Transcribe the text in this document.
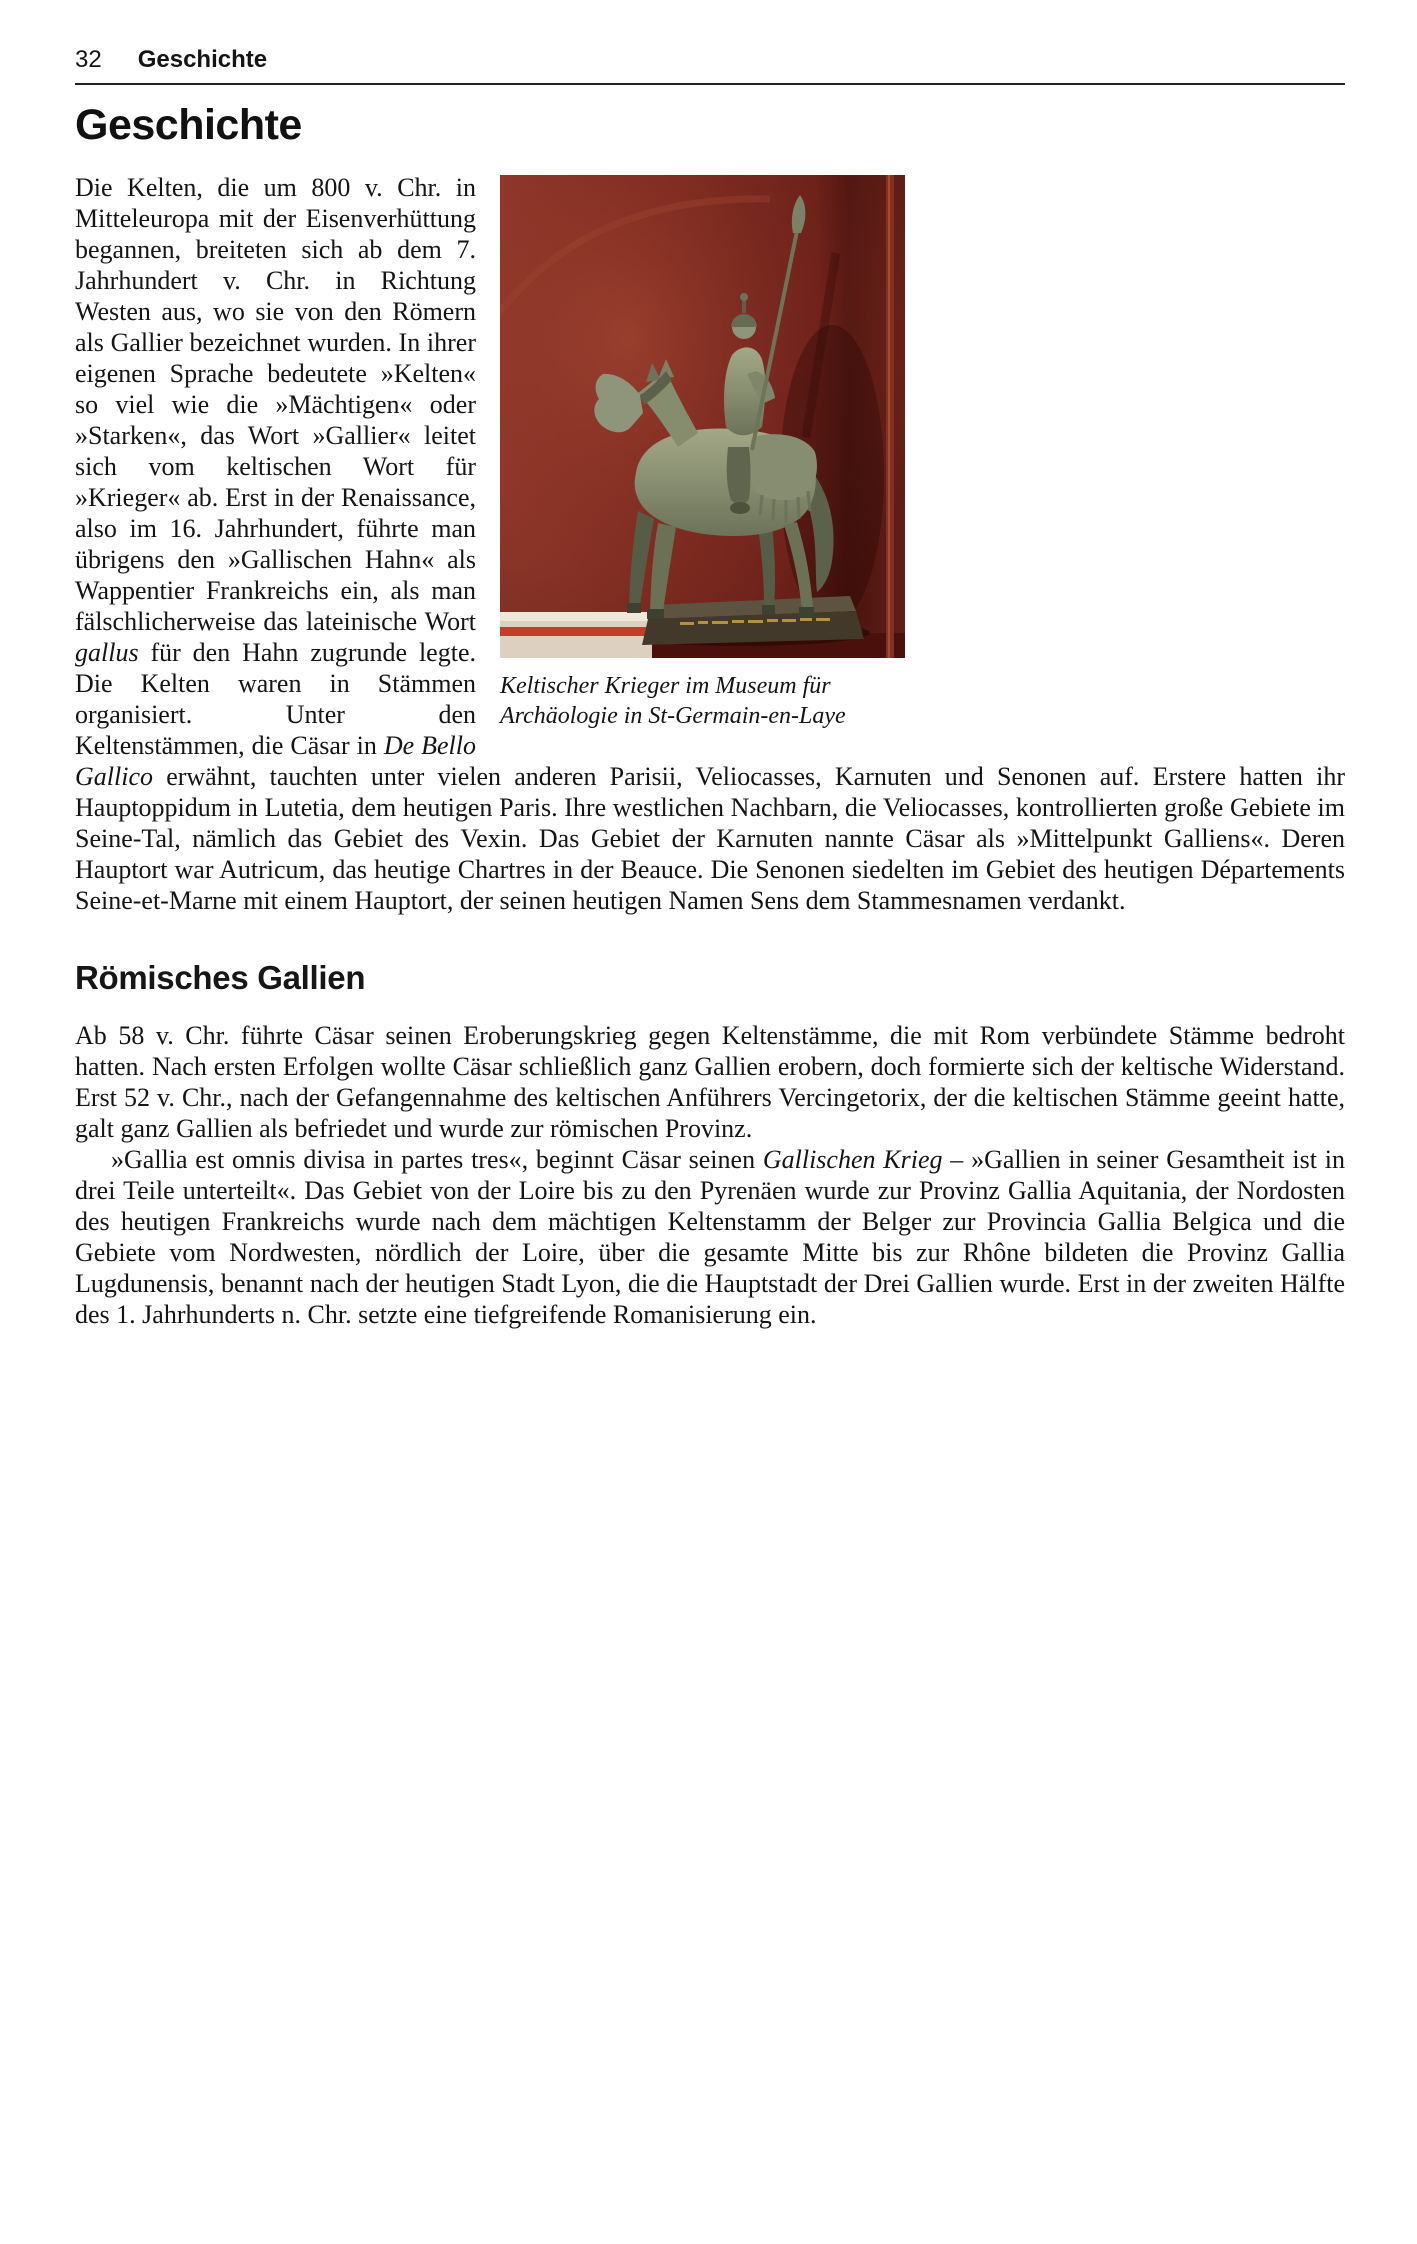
32 Geschichte
Geschichte
Keltischer Krieger im Museum für
Archäologie in St-Germain-en-Laye

Die Kelten, die um 800 v. Chr. in Mitteleuropa mit der Eisenverhüttung begannen, breiteten sich ab dem 7. Jahrhundert v. Chr. in Richtung Westen aus, wo sie von den Römern als Gallier bezeichnet wurden. In ihrer eigenen Sprache bedeutete »Kelten« so viel wie die »Mächtigen« oder »Starken«, das Wort »Gallier« leitet sich vom keltischen Wort für »Krieger« ab. Erst in der Renaissance, also im 16. Jahrhundert, führte man übrigens den »Gallischen Hahn« als Wappentier Frankreichs ein, als man fälschlicherweise das lateinische Wort gallus für den Hahn zugrunde legte. Die Kelten waren in Stämmen organisiert. Unter den Keltenstämmen, die Cäsar in De Bello Gallico erwähnt, tauchten unter vielen anderen Parisii, Veliocasses, Karnuten und Senonen auf. Erstere hatten ihr Hauptoppidum in Lutetia, dem heutigen Paris. Ihre westlichen Nachbarn, die Veliocasses, kontrollierten große Gebiete im Seine-Tal, nämlich das Gebiet des Vexin. Das Gebiet der Karnuten nannte Cäsar als »Mittelpunkt Galliens«. Deren Hauptort war Autricum, das heutige Chartres in der Beauce. Die Senonen siedelten im Gebiet des heutigen Départements Seine-et-Marne mit einem Hauptort, der seinen heutigen Namen Sens dem Stammesnamen verdankt.

Römisches Gallien

Ab 58 v. Chr. führte Cäsar seinen Eroberungskrieg gegen Keltenstämme, die mit Rom verbündete Stämme bedroht hatten. Nach ersten Erfolgen wollte Cäsar schließlich ganz Gallien erobern, doch formierte sich der keltische Widerstand. Erst 52 v. Chr., nach der Gefangennahme des keltischen Anführers Vercingetorix, der die keltischen Stämme geeint hatte, galt ganz Gallien als befriedet und wurde zur römischen Provinz.

»Gallia est omnis divisa in partes tres«, beginnt Cäsar seinen Gallischen Krieg – »Gallien in seiner Gesamtheit ist in drei Teile unterteilt«. Das Gebiet von der Loire bis zu den Pyrenäen wurde zur Provinz Gallia Aquitania, der Nordosten des heutigen Frankreichs wurde nach dem mächtigen Keltenstamm der Belger zur Provincia Gallia Belgica und die Gebiete vom Nordwesten, nördlich der Loire, über die gesamte Mitte bis zur Rhône bildeten die Provinz Gallia Lugdunensis, benannt nach der heutigen Stadt Lyon, die die Hauptstadt der Drei Gallien wurde. Erst in der zweiten Hälfte des 1. Jahrhunderts n. Chr. setzte eine tiefgreifende Romanisierung ein.
